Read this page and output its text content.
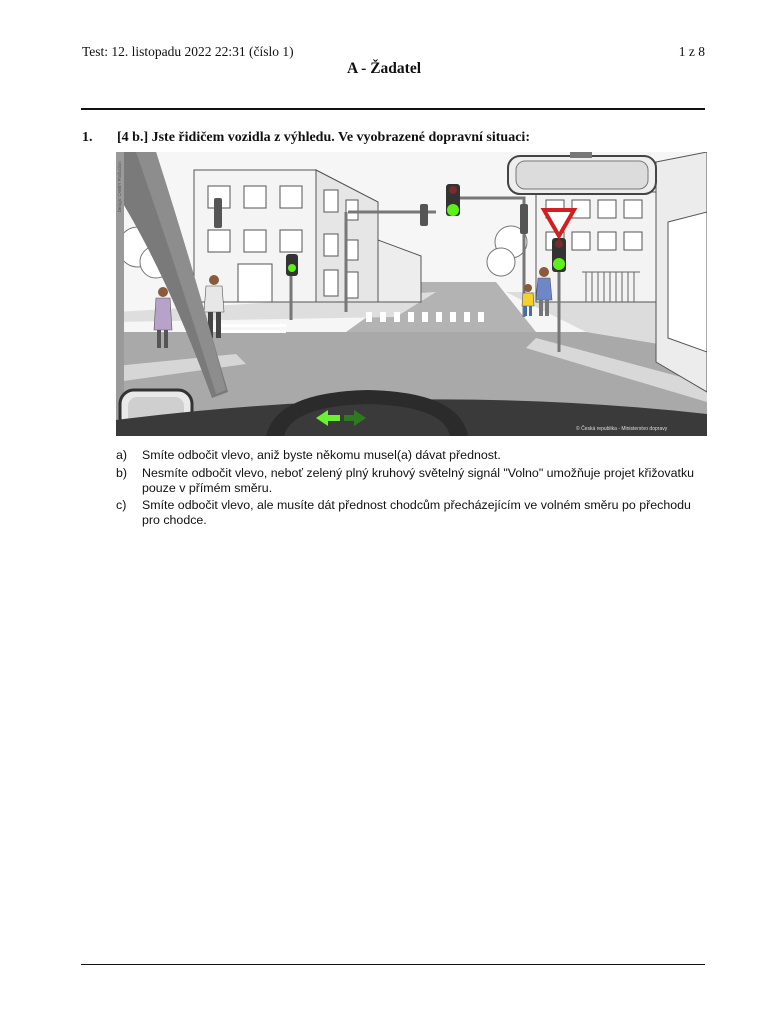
Test: 12. listopadu 2022 22:31 (číslo 1)	1 z 8
A - Žadatel
1. [4 b.] Jste řidičem vozidla z výhledu. Ve vyobrazené dopravní situaci:
Design: CABBY Production
© Česká republika - Ministerstvo dopravy
a)	Smíte odbočit vlevo, aniž byste někomu musel(a) dávat přednost.
b)	Nesmíte odbočit vlevo, neboť zelený plný kruhový světelný signál "Volno" umožňuje projet křižovatku pouze v přímém směru.
c)	Smíte odbočit vlevo, ale musíte dát přednost chodcům přecházejícím ve volném směru po přechodu pro chodce.
